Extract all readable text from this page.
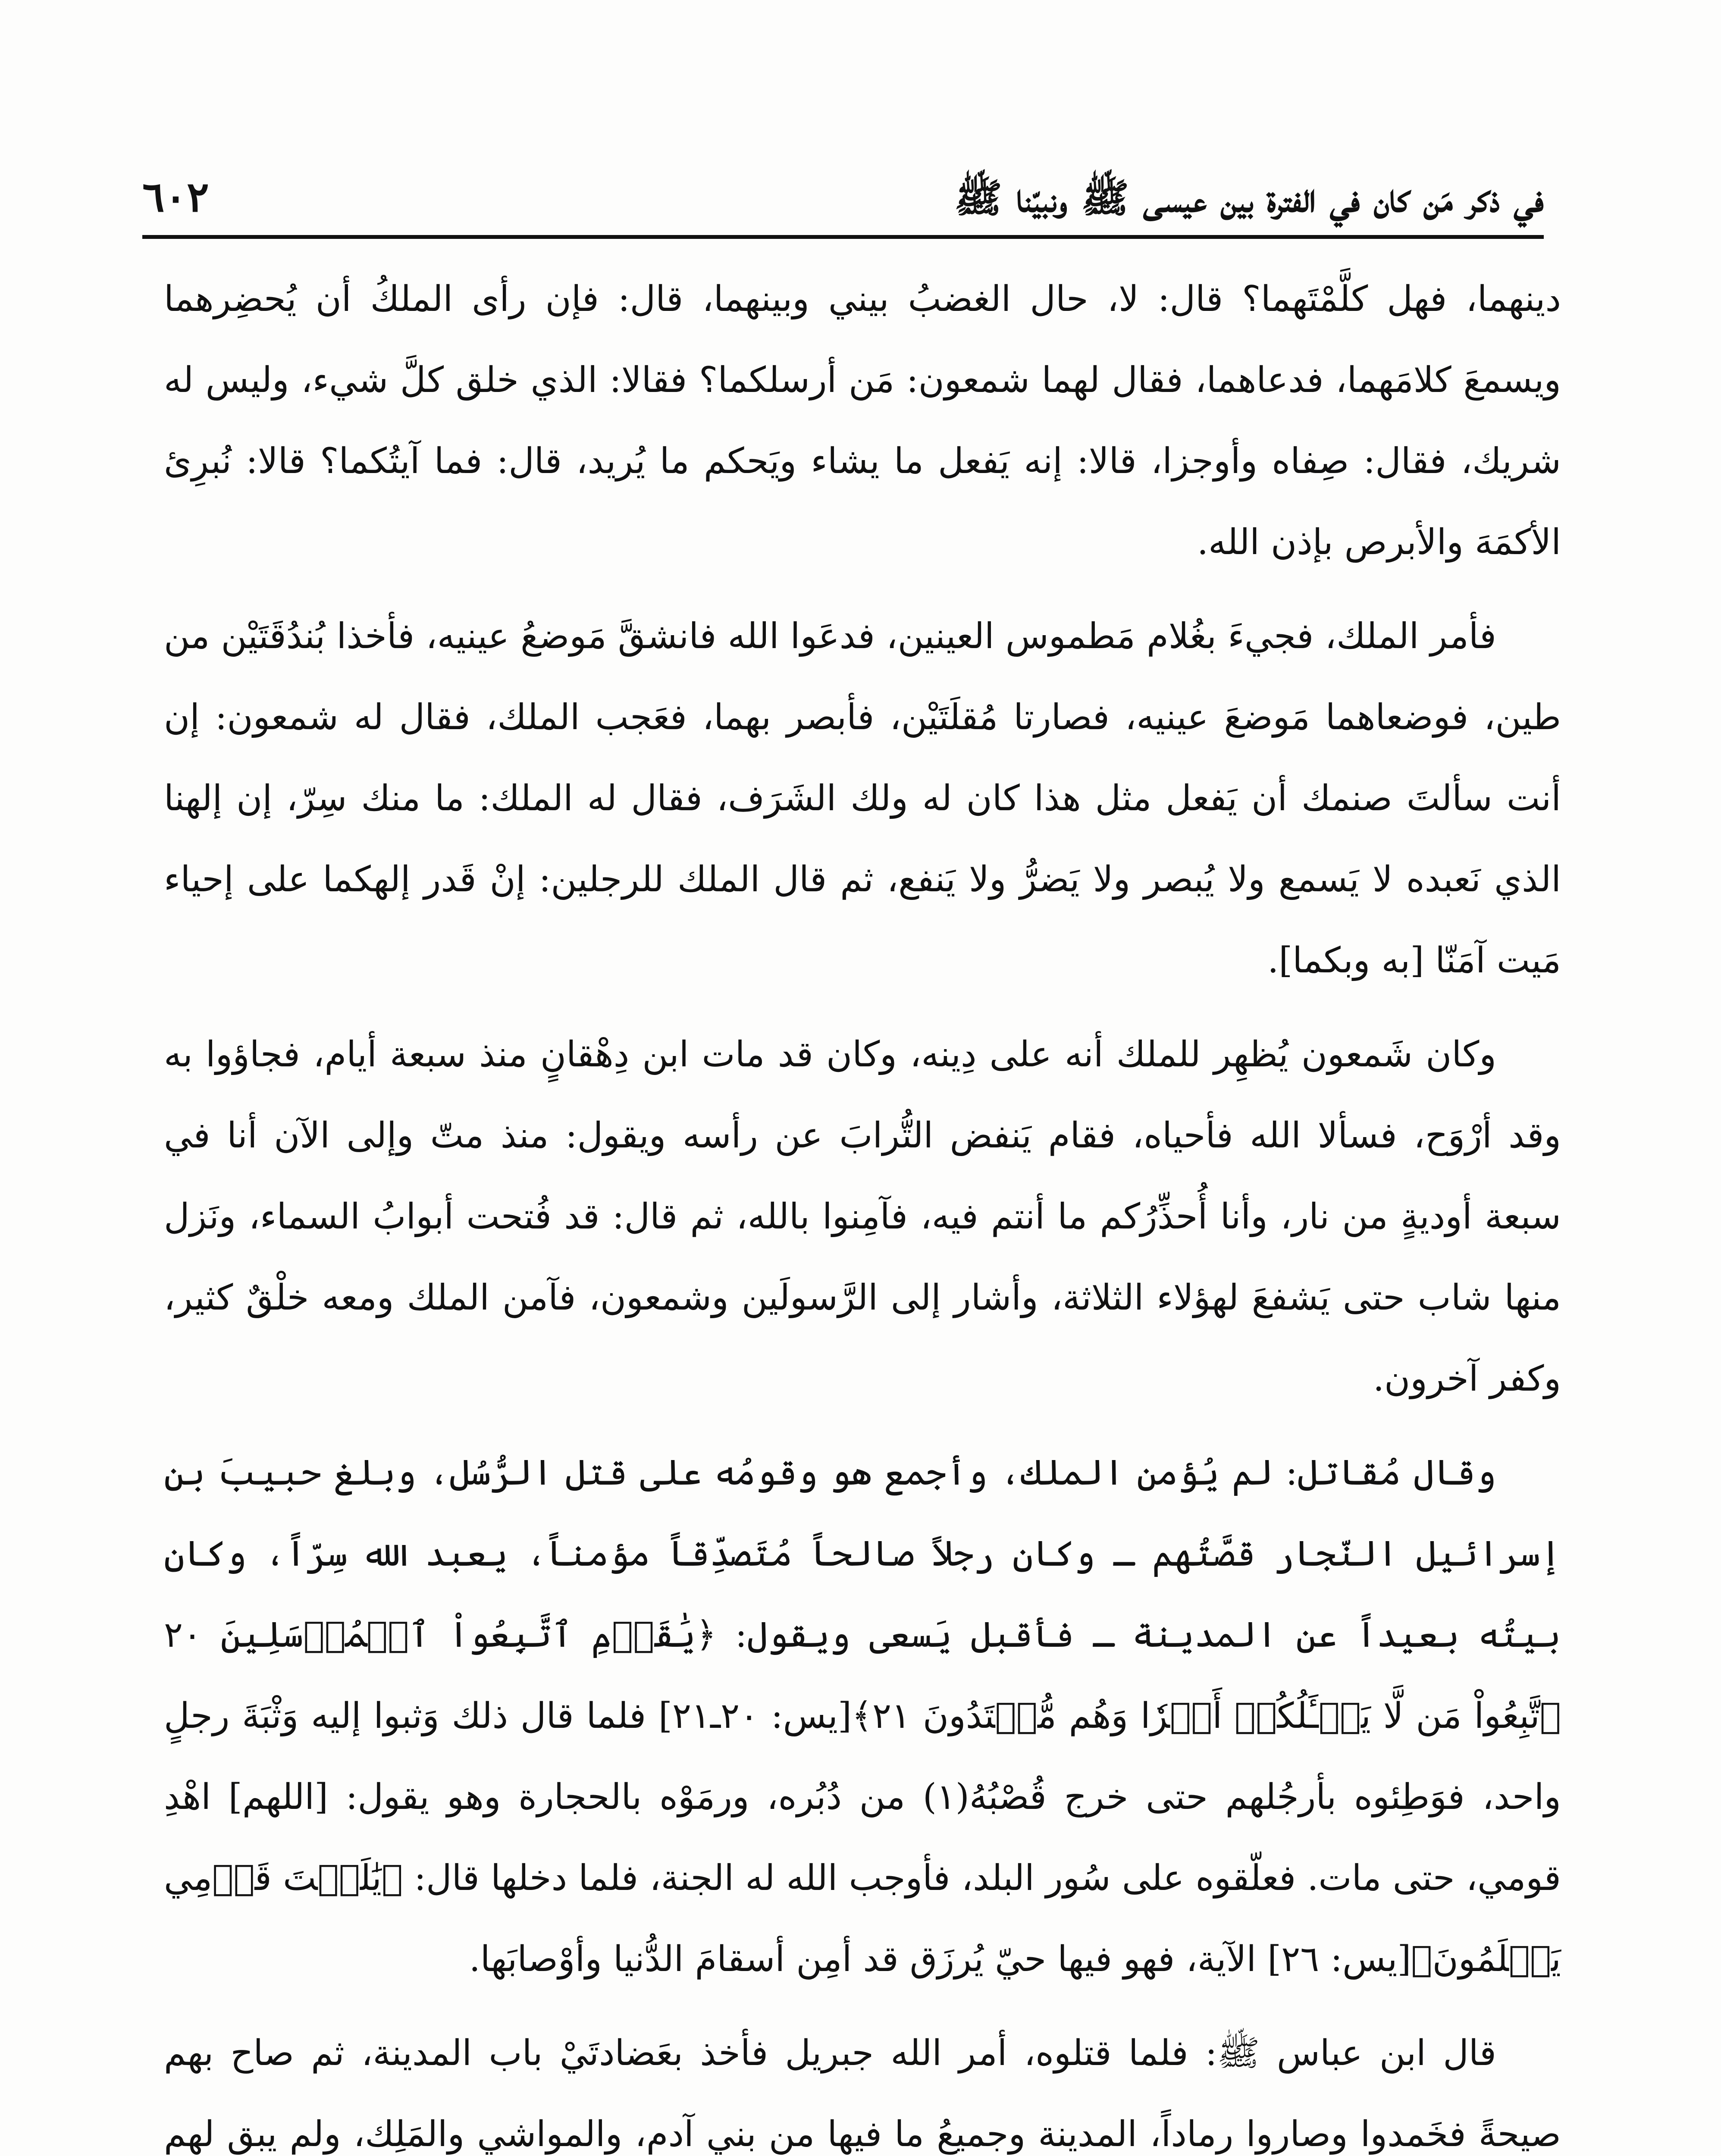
في ذكر مَن كان في الفترة بين عيسى ﷺ ونبيّنا ﷺ
٦٠٢

دينهما، فهل كلَّمْتَهما؟ قال: لا، حال الغضبُ بيني وبينهما، قال: فإن رأى الملكُ أن يُحضِرهما ويسمعَ كلامَهما، فدعاهما، فقال لهما شمعون: مَن أرسلكما؟ فقالا: الذي خلق كلَّ شيء، وليس له شريك، فقال: صِفاه وأوجزا، قالا: إنه يَفعل ما يشاء ويَحكم ما يُريد، قال: فما آيتُكما؟ قالا: نُبرِئ الأكمَهَ والأبرص بإذن الله.

فأمر الملك، فجيءَ بغُلام مَطموس العينين، فدعَوا الله فانشقَّ مَوضعُ عينيه، فأخذا بُندُقَتَيْن من طين، فوضعاهما مَوضعَ عينيه، فصارتا مُقلَتَيْن، فأبصر بهما، فعَجب الملك، فقال له شمعون: إن أنت سألتَ صنمك أن يَفعل مثل هذا كان له ولك الشَرَف، فقال له الملك: ما منك سِرّ، إن إلهنا الذي نَعبده لا يَسمع ولا يُبصر ولا يَضرُّ ولا يَنفع، ثم قال الملك للرجلين: إنْ قَدر إلهكما على إحياء مَيت آمَنّا [به وبكما].

وكان شَمعون يُظهِر للملك أنه على دِينه، وكان قد مات ابن دِهْقانٍ منذ سبعة أيام، فجاؤوا به وقد أرْوَح، فسألا الله فأحياه، فقام يَنفض التُّرابَ عن رأسه ويقول: منذ متّ وإلى الآن أنا في سبعة أوديةٍ من نار، وأنا أُحذِّرُكم ما أنتم فيه، فآمِنوا بالله، ثم قال: قد فُتحت أبوابُ السماء، ونَزل منها شاب حتى يَشفعَ لهؤلاء الثلاثة، وأشار إلى الرَّسولَين وشمعون، فآمن الملك ومعه خلْقٌ كثير، وكفر آخرون.

وقال مُقاتل: لم يُؤمن الملك، وأجمع هو وقومُه على قتل الرُّسُل، وبلغ حبيبَ بن إسرائيل النّجار قصَّتُهم ـ وكان رجلاً صالحاً مُتَصدِّقاً مؤمناً، يعبد الله سِرّاً، وكان بيتُه بعيداً عن المدينة ـ فأقبل يَسعى ويقول: ﴿يَٰقَوۡمِ ٱتَّبِعُواْ ٱلۡمُرۡسَلِينَ ٢٠ ٱتَّبِعُواْ مَن لَّا يَسۡـَٔلُكُمۡ أَجۡرٗا وَهُم مُّهۡتَدُونَ ٢١﴾[يس: ٢٠ـ٢١] فلما قال ذلك وَثبوا إليه وَثْبَةَ رجلٍ واحد، فوَطِئوه بأرجُلهم حتى خرج قُصْبُهُ(١) من دُبُره، ورمَوْه بالحجارة وهو يقول: [اللهم] اهْدِ قومي، حتى مات. فعلّقوه على سُور البلد، فأوجب الله له الجنة، فلما دخلها قال: ﴿يَٰلَيۡتَ قَوۡمِي يَعۡلَمُونَ﴾[يس: ٢٦] الآية، فهو فيها حيّ يُرزَق قد أمِن أسقامَ الدُّنيا وأوْصابَها.

قال ابن عباس ﷺ: فلما قتلوه، أمر الله جبريل فأخذ بعَضادتَيْ باب المدينة، ثم صاح بهم صيحةً فخَمدوا وصاروا رماداً، المدينة وجميعُ ما فيها من بني آدم، والمواشي والمَلِك، ولم يبق لهم
